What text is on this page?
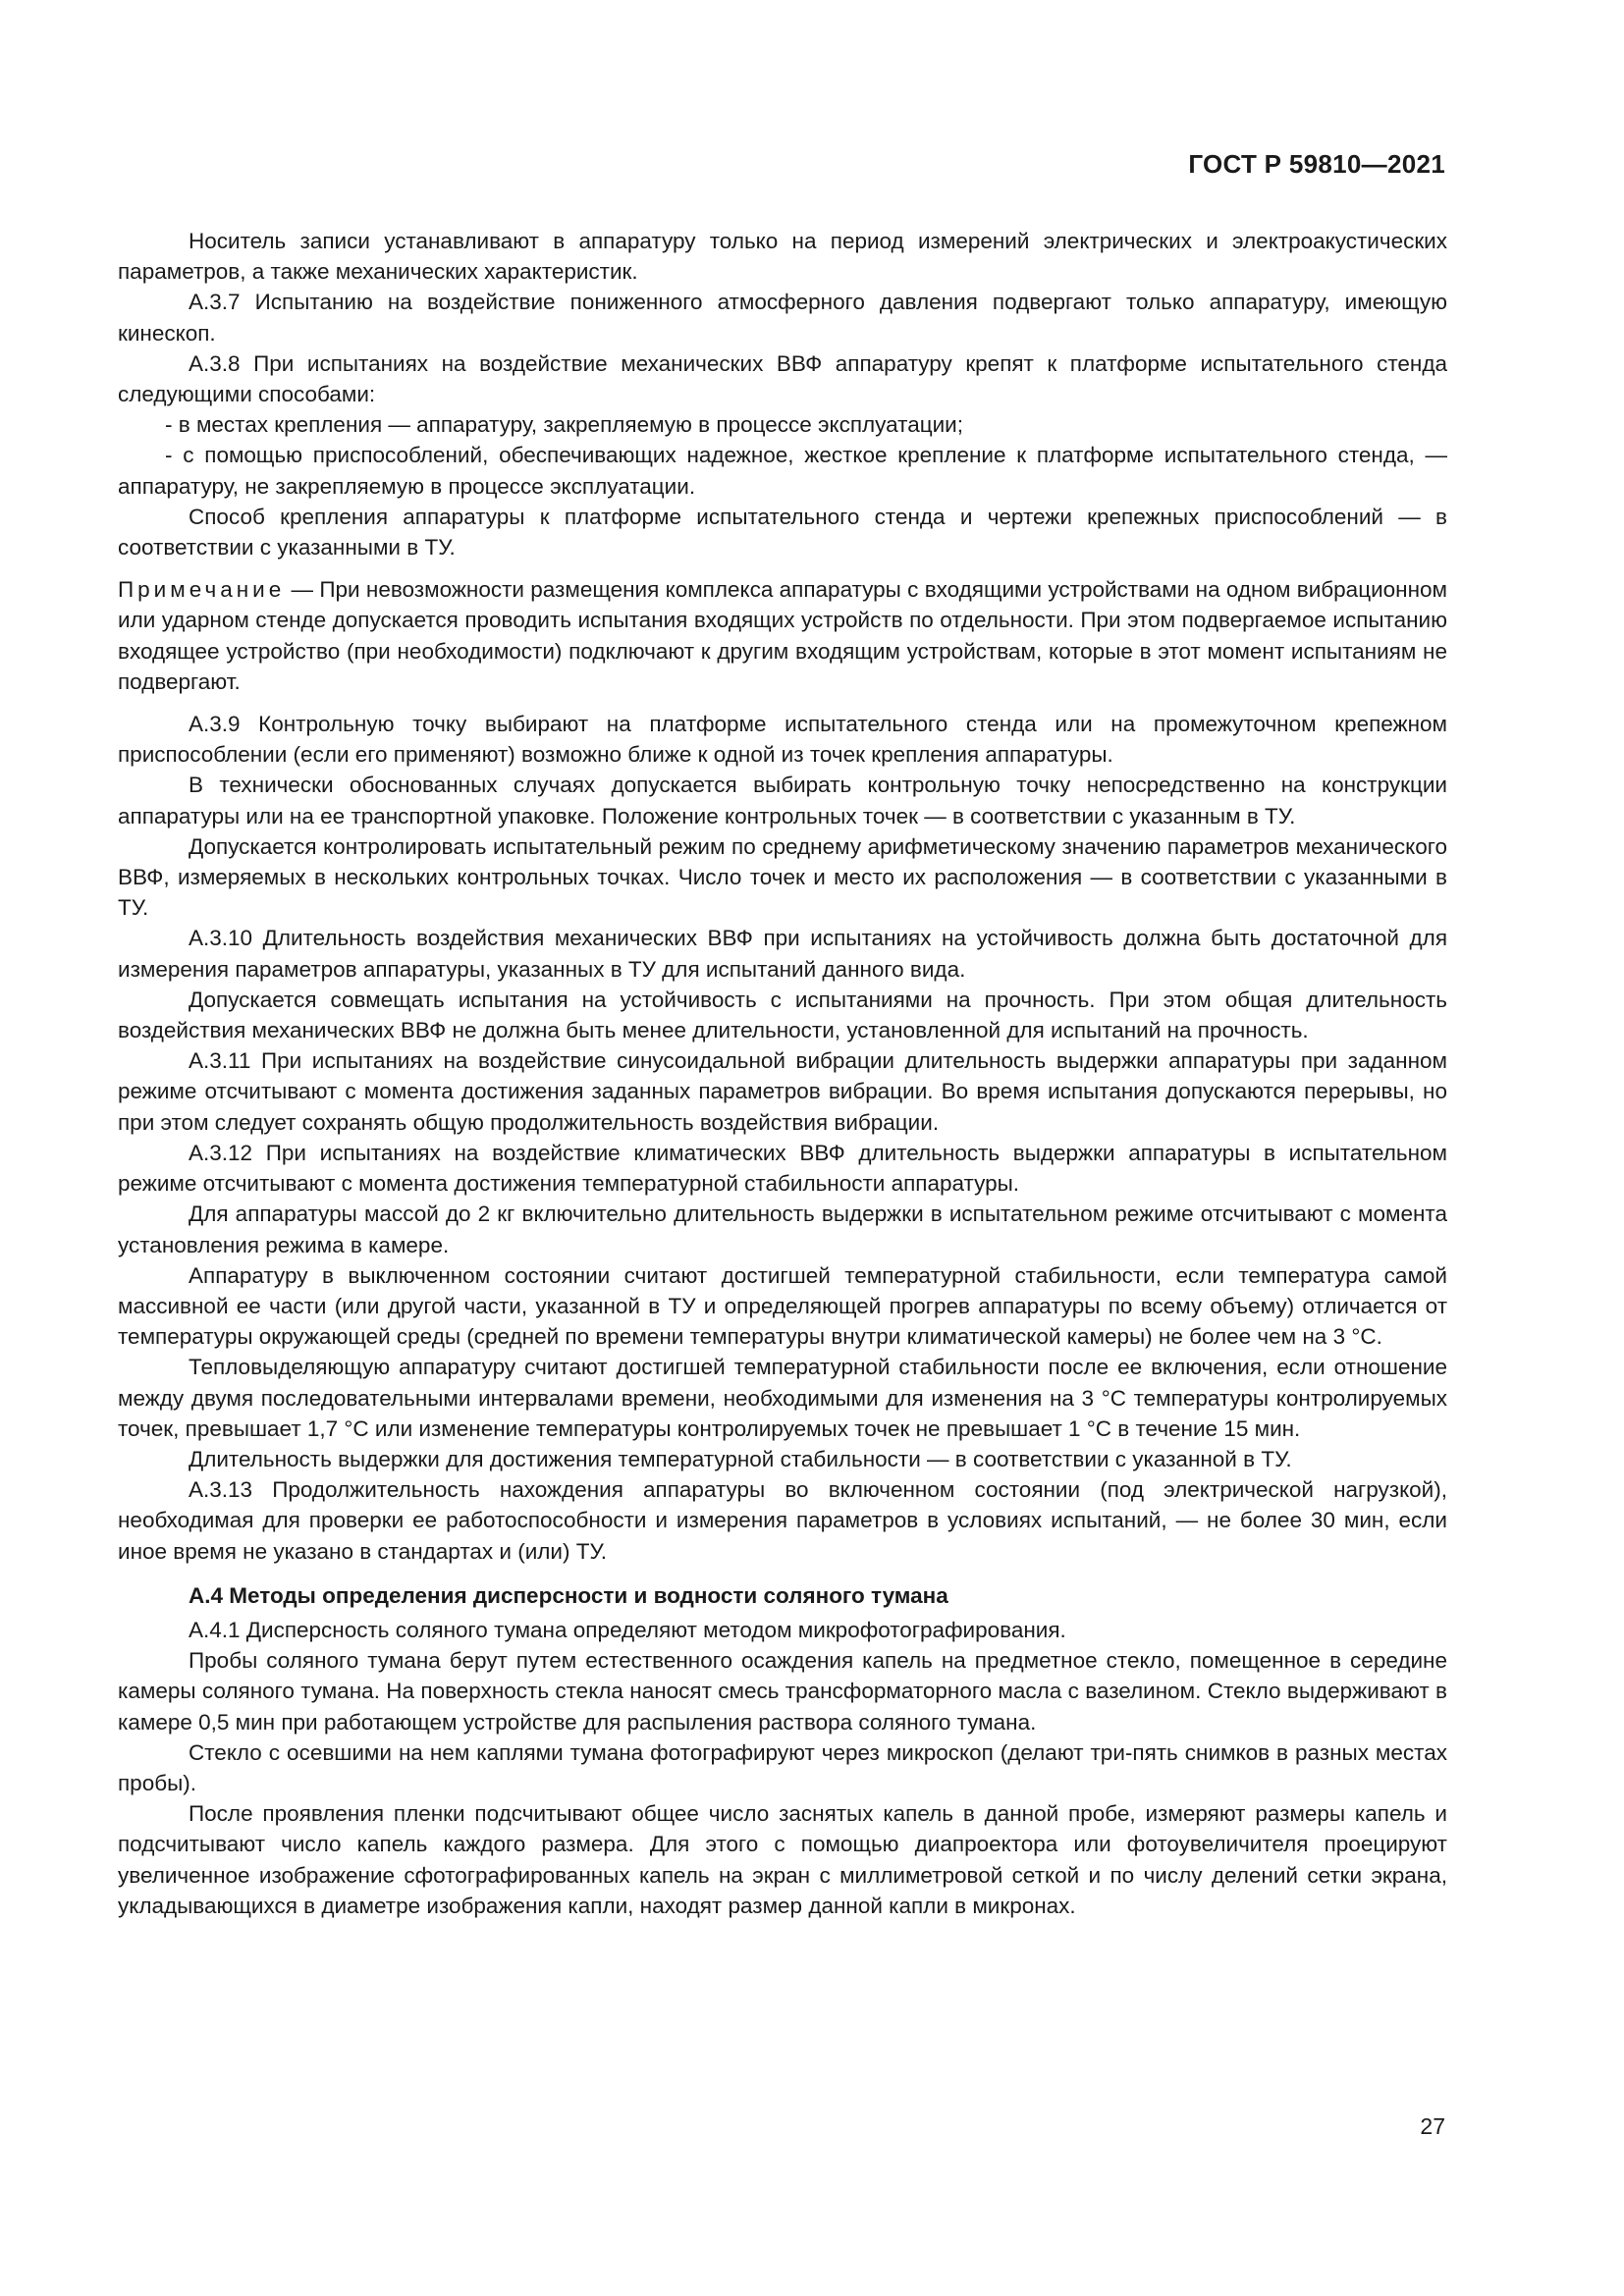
ГОСТ Р 59810—2021

Носитель записи устанавливают в аппаратуру только на период измерений электрических и электроакустических параметров, а также механических характеристик.

А.3.7 Испытанию на воздействие пониженного атмосферного давления подвергают только аппаратуру, имеющую кинескоп.

А.3.8 При испытаниях на воздействие механических ВВФ аппаратуру крепят к платформе испытательного стенда следующими способами:

- в местах крепления — аппаратуру, закрепляемую в процессе эксплуатации;

- с помощью приспособлений, обеспечивающих надежное, жесткое крепление к платформе испытательного стенда, — аппаратуру, не закрепляемую в процессе эксплуатации.

Способ крепления аппаратуры к платформе испытательного стенда и чертежи крепежных приспособлений — в соответствии с указанными в ТУ.

Примечание — При невозможности размещения комплекса аппаратуры с входящими устройствами на одном вибрационном или ударном стенде допускается проводить испытания входящих устройств по отдельности. При этом подвергаемое испытанию входящее устройство (при необходимости) подключают к другим входящим устройствам, которые в этот момент испытаниям не подвергают.

А.3.9 Контрольную точку выбирают на платформе испытательного стенда или на промежуточном крепежном приспособлении (если его применяют) возможно ближе к одной из точек крепления аппаратуры.

В технически обоснованных случаях допускается выбирать контрольную точку непосредственно на конструкции аппаратуры или на ее транспортной упаковке. Положение контрольных точек — в соответствии с указанным в ТУ.

Допускается контролировать испытательный режим по среднему арифметическому значению параметров механического ВВФ, измеряемых в нескольких контрольных точках. Число точек и место их расположения — в соответствии с указанными в ТУ.

А.3.10 Длительность воздействия механических ВВФ при испытаниях на устойчивость должна быть достаточной для измерения параметров аппаратуры, указанных в ТУ для испытаний данного вида.

Допускается совмещать испытания на устойчивость с испытаниями на прочность. При этом общая длительность воздействия механических ВВФ не должна быть менее длительности, установленной для испытаний на прочность.

А.3.11 При испытаниях на воздействие синусоидальной вибрации длительность выдержки аппаратуры при заданном режиме отсчитывают с момента достижения заданных параметров вибрации. Во время испытания допускаются перерывы, но при этом следует сохранять общую продолжительность воздействия вибрации.

А.3.12 При испытаниях на воздействие климатических ВВФ длительность выдержки аппаратуры в испытательном режиме отсчитывают с момента достижения температурной стабильности аппаратуры.

Для аппаратуры массой до 2 кг включительно длительность выдержки в испытательном режиме отсчитывают с момента установления режима в камере.

Аппаратуру в выключенном состоянии считают достигшей температурной стабильности, если температура самой массивной ее части (или другой части, указанной в ТУ и определяющей прогрев аппаратуры по всему объему) отличается от температуры окружающей среды (средней по времени температуры внутри климатической камеры) не более чем на 3 °С.

Тепловыделяющую аппаратуру считают достигшей температурной стабильности после ее включения, если отношение между двумя последовательными интервалами времени, необходимыми для изменения на 3 °С температуры контролируемых точек, превышает 1,7 °С или изменение температуры контролируемых точек не превышает 1 °С в течение 15 мин.

Длительность выдержки для достижения температурной стабильности — в соответствии с указанной в ТУ.

А.3.13 Продолжительность нахождения аппаратуры во включенном состоянии (под электрической нагрузкой), необходимая для проверки ее работоспособности и измерения параметров в условиях испытаний, — не более 30 мин, если иное время не указано в стандартах и (или) ТУ.

А.4 Методы определения дисперсности и водности соляного тумана

А.4.1 Дисперсность соляного тумана определяют методом микрофотографирования.

Пробы соляного тумана берут путем естественного осаждения капель на предметное стекло, помещенное в середине камеры соляного тумана. На поверхность стекла наносят смесь трансформаторного масла с вазелином. Стекло выдерживают в камере 0,5 мин при работающем устройстве для распыления раствора соляного тумана.

Стекло с осевшими на нем каплями тумана фотографируют через микроскоп (делают три-пять снимков в разных местах пробы).

После проявления пленки подсчитывают общее число заснятых капель в данной пробе, измеряют размеры капель и подсчитывают число капель каждого размера. Для этого с помощью диапроектора или фотоувеличителя проецируют увеличенное изображение сфотографированных капель на экран с миллиметровой сеткой и по числу делений сетки экрана, укладывающихся в диаметре изображения капли, находят размер данной капли в микронах.

27
